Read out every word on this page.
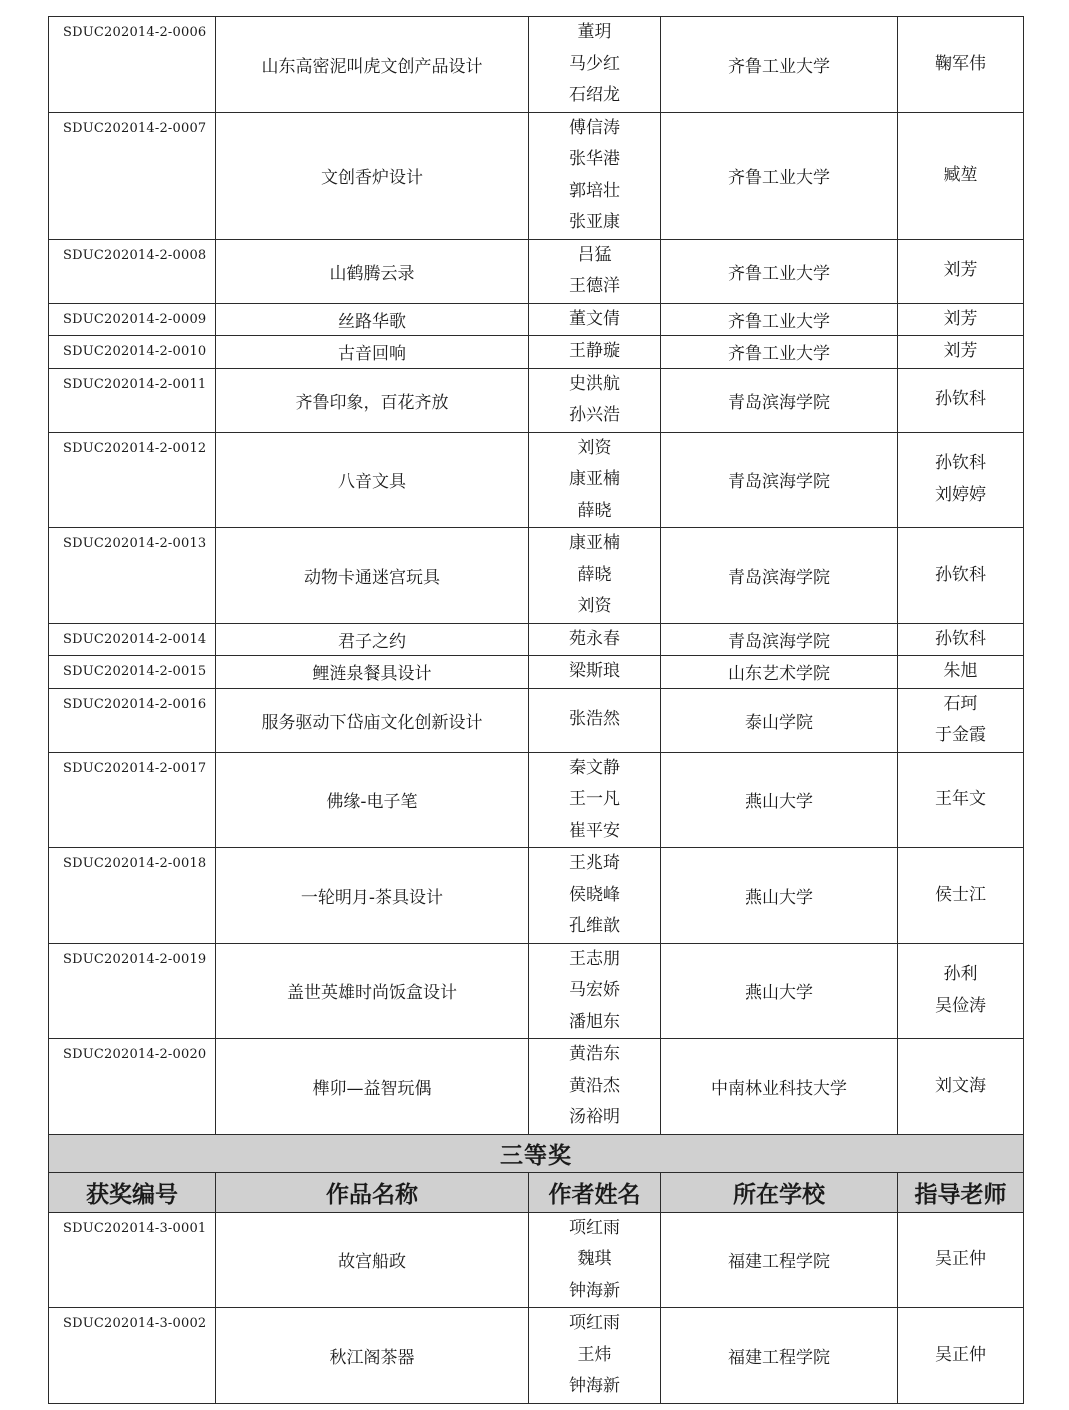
SDUC202014-2-0006	山东高密泥叫虎文创产品设计	董玥
马少红
石绍龙	齐鲁工业大学	鞠军伟

SDUC202014-2-0007	文创香炉设计	傅信涛
张华港
郭培壮
张亚康	齐鲁工业大学	臧堃

SDUC202014-2-0008	山鹤腾云录	吕猛
王德洋	齐鲁工业大学	刘芳

SDUC202014-2-0009	丝路华歌	董文倩	齐鲁工业大学	刘芳

SDUC202014-2-0010	古音回响	王静璇	齐鲁工业大学	刘芳

SDUC202014-2-0011	齐鲁印象，百花齐放	史洪航
孙兴浩	青岛滨海学院	孙钦科

SDUC202014-2-0012	八音文具	刘资
康亚楠
薛晓	青岛滨海学院	孙钦科
刘婷婷

SDUC202014-2-0013	动物卡通迷宫玩具	康亚楠
薛晓
刘资	青岛滨海学院	孙钦科

SDUC202014-2-0014	君子之约	苑永春	青岛滨海学院	孙钦科

SDUC202014-2-0015	鲤涟泉餐具设计	梁斯琅	山东艺术学院	朱旭

SDUC202014-2-0016	服务驱动下岱庙文化创新设计	张浩然	泰山学院	石珂
于金霞

SDUC202014-2-0017	佛缘-电子笔	秦文静
王一凡
崔平安	燕山大学	王年文

SDUC202014-2-0018	一轮明月-茶具设计	王兆琦
侯晓峰
孔维歆	燕山大学	侯士江

SDUC202014-2-0019	盖世英雄时尚饭盒设计	王志朋
马宏娇
潘旭东	燕山大学	孙利
吴俭涛

SDUC202014-2-0020	榫卯—益智玩偶	黄浩东
黄沿杰
汤裕明	中南林业科技大学	刘文海

三等奖				
获奖编号	作品名称	作者姓名	所在学校	指导老师
SDUC202014-3-0001	故宫船政	项红雨
魏琪
钟海新	福建工程学院	吴正仲

SDUC202014-3-0002	秋江阁茶器	项红雨
王炜
钟海新	福建工程学院	吴正仲
